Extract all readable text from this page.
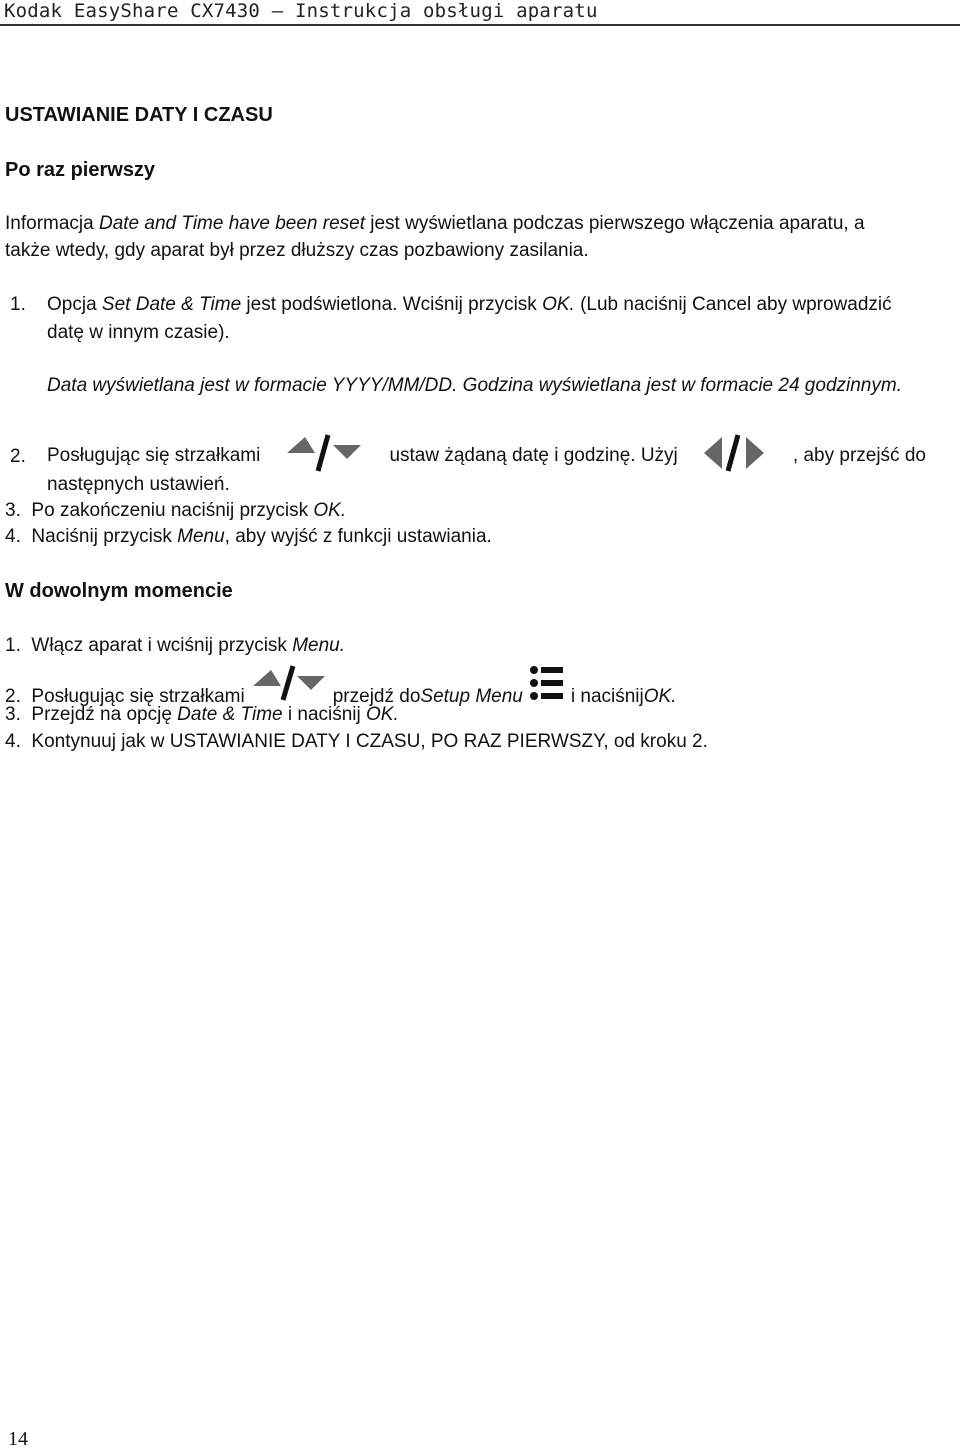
Kodak EasyShare CX7430 – Instrukcja obsługi aparatu
USTAWIANIE DATY I CZASU
Po raz pierwszy
Informacja Date and Time have been reset jest wyświetlana podczas pierwszego włączenia aparatu, a
także wtedy, gdy aparat był przez dłuższy czas pozbawiony zasilania.
1. Opcja Set Date & Time jest podświetlona. Wciśnij przycisk OK. (Lub naciśnij Cancel aby wprowadzić
datę w innym czasie).
Data wyświetlana jest w formacie YYYY/MM/DD. Godzina wyświetlana jest w formacie 24 godzinnym.
2. Posługując się strzałkami	ustaw żądaną datę i godzinę. Użyj	, aby przejść do
następnych ustawień.
3. Po zakończeniu naciśnij przycisk OK.
4. Naciśnij przycisk Menu, aby wyjść z funkcji ustawiania.
W dowolnym momencie
1. Włącz aparat i wciśnij przycisk Menu.
2.
Posługując się strzałkami	przejdź do Setup Menu	i naciśnij OK.
3. Przejdź na opcję Date & Time i naciśnij OK.
4. Kontynuuj jak w USTAWIANIE DATY I CZASU, PO RAZ PIERWSZY, od kroku 2.
14
